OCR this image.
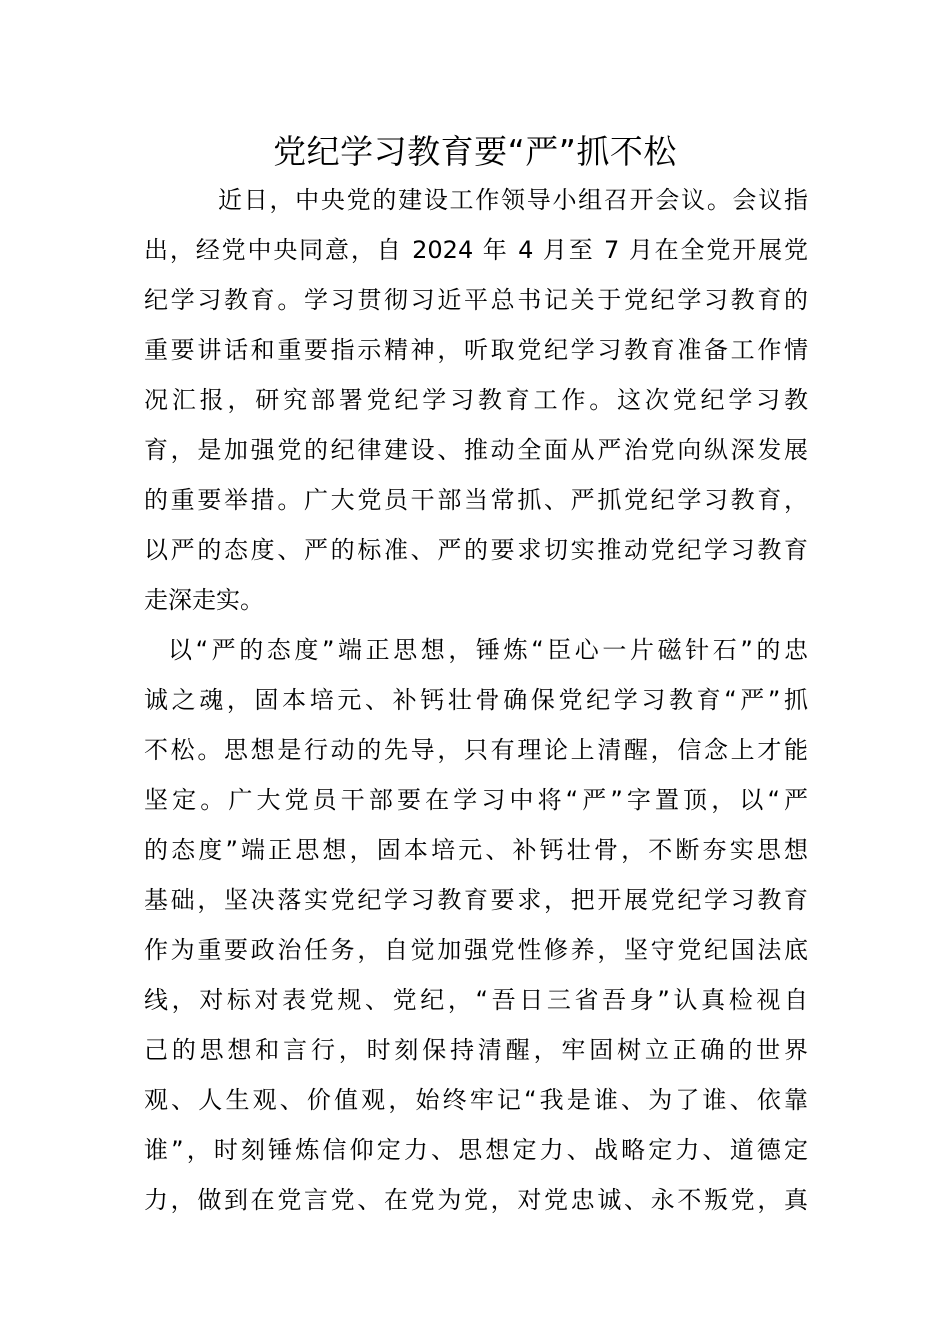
党纪学习教育要“严”抓不松

近日，中央党的建设工作领导小组召开会议。会议指

出，经党中央同意，自 2024 年 4 月至 7 月在全党开展党

纪学习教育。学习贯彻习近平总书记关于党纪学习教育的

重要讲话和重要指示精神，听取党纪学习教育准备工作情

况汇报，研究部署党纪学习教育工作。这次党纪学习教

育，是加强党的纪律建设、推动全面从严治党向纵深发展

的重要举措。广大党员干部当常抓、严抓党纪学习教育，

以严的态度、严的标准、严的要求切实推动党纪学习教育

走深走实。

以“严的态度”端正思想，锤炼“臣心一片磁针石”的忠

诚之魂，固本培元、补钙壮骨确保党纪学习教育“严”抓

不松。思想是行动的先导，只有理论上清醒，信念上才能

坚定。广大党员干部要在学习中将“严”字置顶，以“严

的态度”端正思想，固本培元、补钙壮骨，不断夯实思想

基础，坚决落实党纪学习教育要求，把开展党纪学习教育

作为重要政治任务，自觉加强党性修养，坚守党纪国法底

线，对标对表党规、党纪，“吾日三省吾身”认真检视自

己的思想和言行，时刻保持清醒，牢固树立正确的世界

观、人生观、价值观，始终牢记“我是谁、为了谁、依靠

谁”，时刻锤炼信仰定力、思想定力、战略定力、道德定

力，做到在党言党、在党为党，对党忠诚、永不叛党，真
